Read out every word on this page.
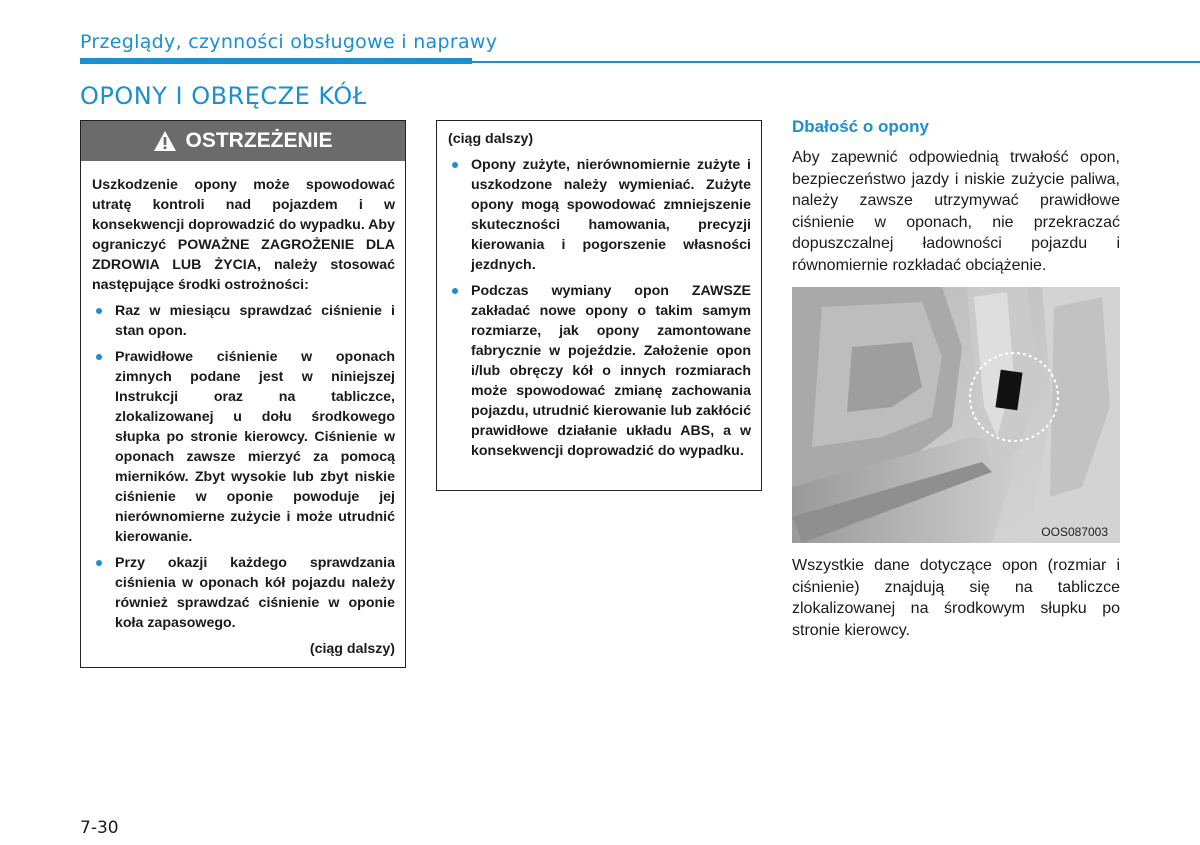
Przeglądy, czynności obsługowe i naprawy
OPONY I OBRĘCZE KÓŁ
OSTRZEŻENIE
Uszkodzenie opony może spowodować utratę kontroli nad pojazdem i w konsekwencji doprowadzić do wypadku. Aby ograniczyć POWAŻNE ZAGROŻENIE DLA ZDROWIA LUB ŻYCIA, należy stosować następujące środki ostrożności:
Raz w miesiącu sprawdzać ciśnienie i stan opon.
Prawidłowe ciśnienie w oponach zimnych podane jest w niniejszej Instrukcji oraz na tabliczce, zlokalizowanej u dołu środkowego słupka po stronie kierowcy. Ciśnienie w oponach zawsze mierzyć za pomocą mierników. Zbyt wysokie lub zbyt niskie ciśnienie w oponie powoduje jej nierównomierne zużycie i może utrudnić kierowanie.
Przy okazji każdego sprawdzania ciśnienia w oponach kół pojazdu należy również sprawdzać ciśnienie w oponie koła zapasowego.
(ciąg dalszy)
(ciąg dalszy)
Opony zużyte, nierównomiernie zużyte i uszkodzone należy wymieniać. Zużyte opony mogą spowodować zmniejszenie skuteczności hamowania, precyzji kierowania i pogorszenie własności jezdnych.
Podczas wymiany opon ZAWSZE zakładać nowe opony o takim samym rozmiarze, jak opony zamontowane fabrycznie w pojeździe. Założenie opon i/lub obręczy kół o innych rozmiarach może spowodować zmianę zachowania pojazdu, utrudnić kierowanie lub zakłócić prawidłowe działanie układu ABS, a w konsekwencji doprowadzić do wypadku.
Dbałość o opony
Aby zapewnić odpowiednią trwałość opon, bezpieczeństwo jazdy i niskie zużycie paliwa, należy zawsze utrzymywać prawidłowe ciśnienie w oponach, nie przekraczać dopuszczalnej ładowności pojazdu i równomiernie rozkładać obciążenie.
OOS087003
Wszystkie dane dotyczące opon (rozmiar i ciśnienie) znajdują się na tabliczce zlokalizowanej na środkowym słupku po stronie kierowcy.
7-30
